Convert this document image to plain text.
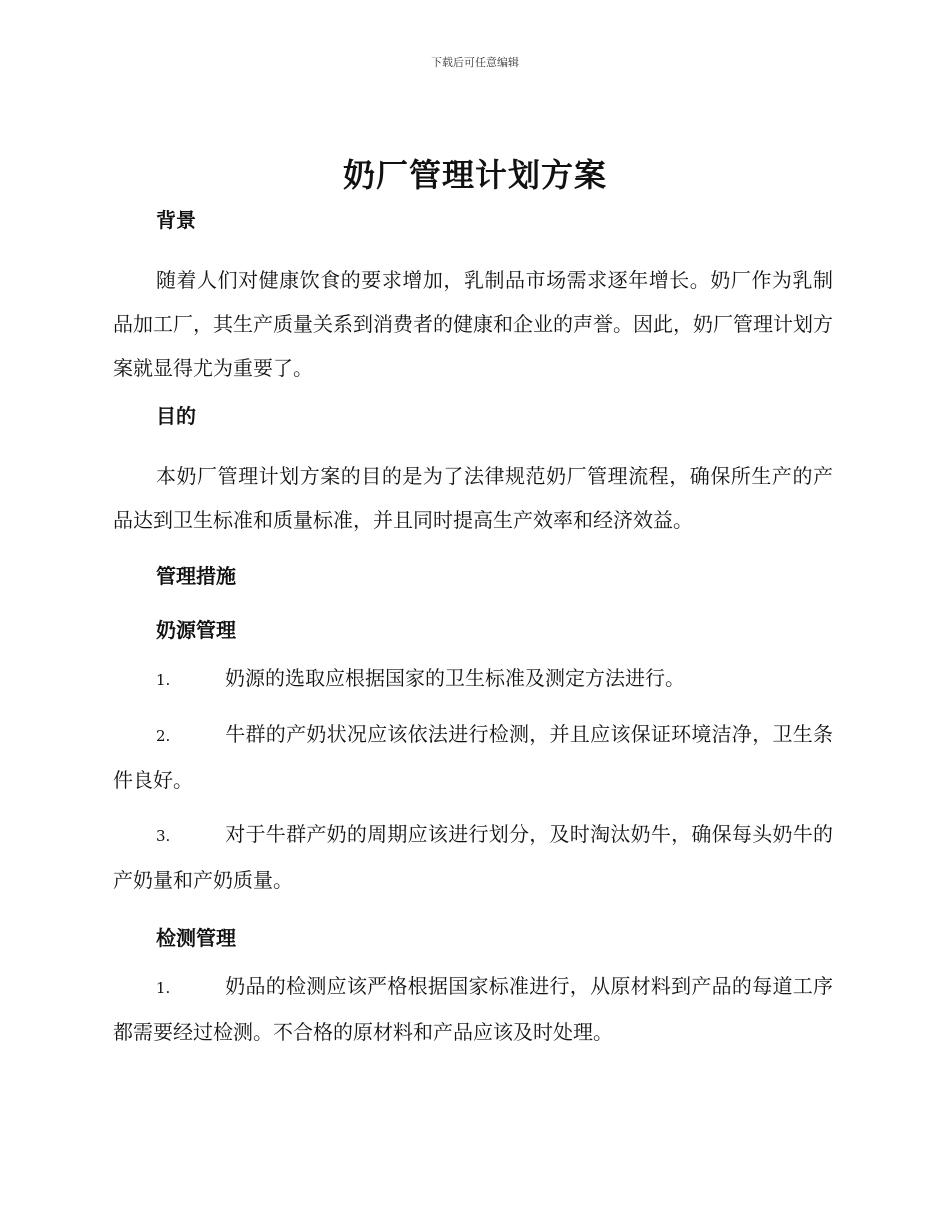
下载后可任意编辑
奶厂管理计划方案
背景

随着人们对健康饮食的要求增加，乳制品市场需求逐年增长。奶厂作为乳制品加工厂，其生产质量关系到消费者的健康和企业的声誉。因此，奶厂管理计划方案就显得尤为重要了。

目的

本奶厂管理计划方案的目的是为了法律规范奶厂管理流程，确保所生产的产品达到卫生标准和质量标准，并且同时提高生产效率和经济效益。

管理措施
奶源管理
1.	奶源的选取应根据国家的卫生标准及测定方法进行。
2.	牛群的产奶状况应该依法进行检测，并且应该保证环境洁净，卫生条件良好。
3.	对于牛群产奶的周期应该进行划分，及时淘汰奶牛，确保每头奶牛的产奶量和产奶质量。
检测管理
1.	奶品的检测应该严格根据国家标准进行，从原材料到产品的每道工序都需要经过检测。不合格的原材料和产品应该及时处理。
